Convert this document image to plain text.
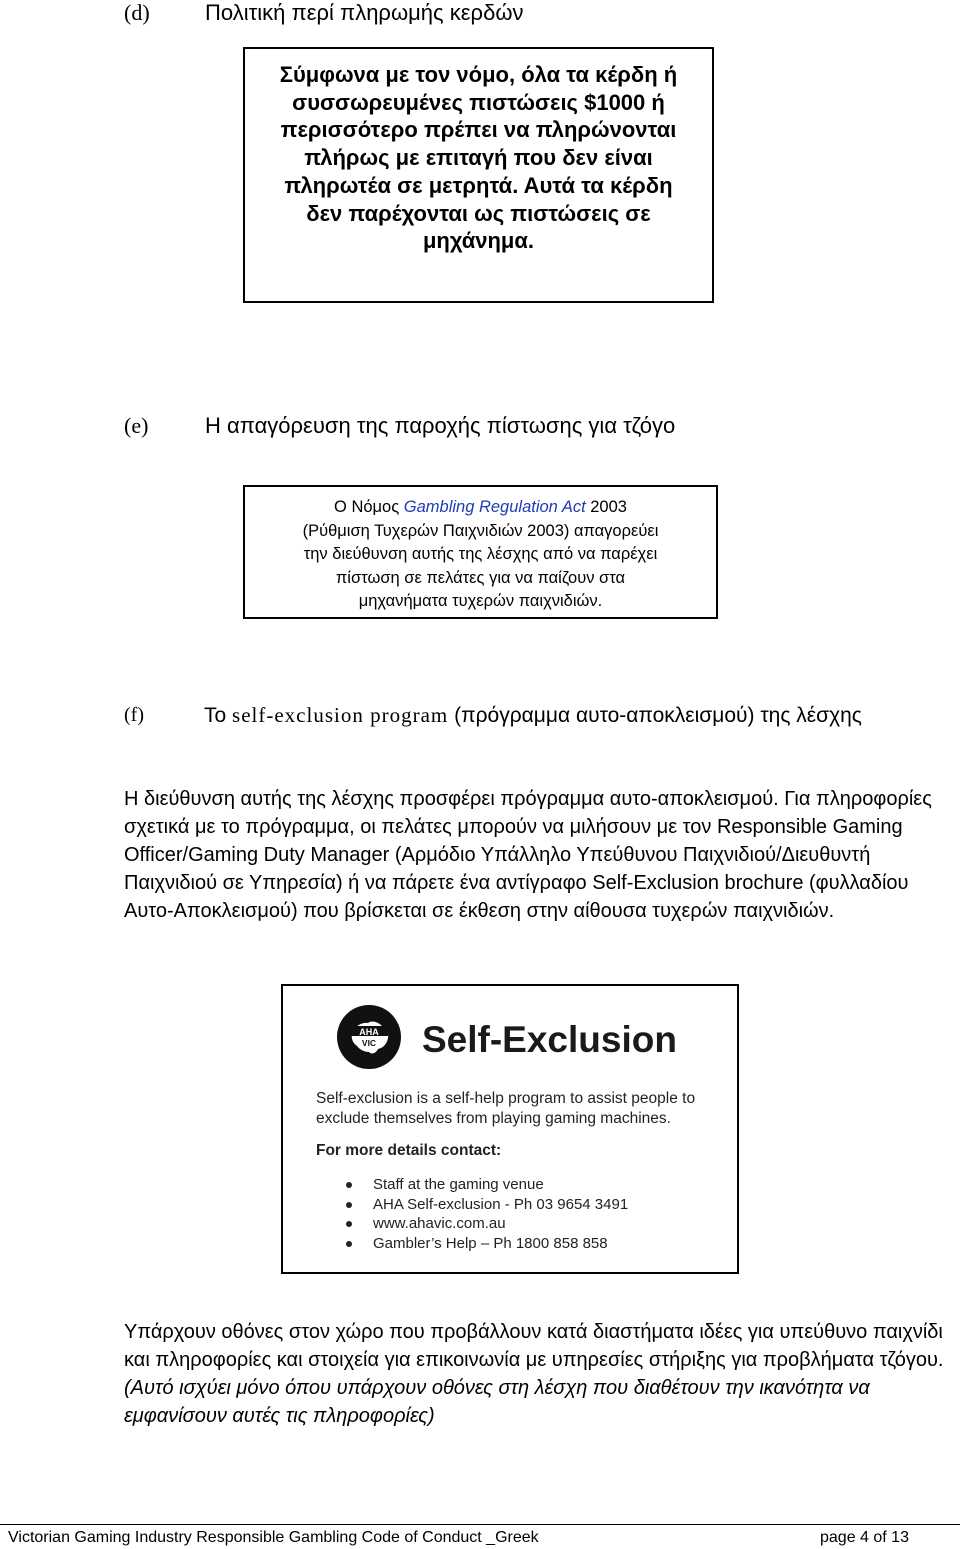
(d)	Πολιτική περί πληρωμής κερδών
Σύμφωνα με τον νόμο, όλα τα κέρδη ή
συσσωρευμένες πιστώσεις $1000 ή
περισσότερο πρέπει να πληρώνονται
πλήρως με επιταγή που δεν είναι
πληρωτέα σε μετρητά. Αυτά τα κέρδη
δεν παρέχονται ως πιστώσεις σε
μηχάνημα.
(e)	Η απαγόρευση της παροχής πίστωσης για τζόγο
Ο Νόμος Gambling Regulation Act 2003
(Ρύθμιση Τυχερών Παιχνιδιών 2003) απαγορεύει
την διεύθυνση αυτής της λέσχης από να παρέχει
πίστωση σε πελάτες για να παίζουν στα
μηχανήματα τυχερών παιχνιδιών.
(f)	Το self-exclusion program (πρόγραμμα αυτο-αποκλεισμού) της λέσχης
Η διεύθυνση αυτής της λέσχης προσφέρει πρόγραμμα αυτο-αποκλεισμού. Για πληροφορίες σχετικά με το πρόγραμμα, οι πελάτες μπορούν να μιλήσουν με τον Responsible Gaming Officer/Gaming Duty Manager (Αρμόδιο Υπάλληλο Υπεύθυνου Παιχνιδιού/Διευθυντή Παιχνιδιού σε Υπηρεσία) ή να πάρετε ένα αντίγραφο Self-Exclusion brochure (φυλλαδίου Αυτο-Αποκλεισμού) που βρίσκεται σε έκθεση στην αίθουσα τυχερών παιχνιδιών.
AHA
VIC Self-Exclusion
Self-exclusion is a self-help program to assist people to exclude themselves from playing gaming machines.
For more details contact:
Staff at the gaming venue
AHA Self-exclusion - Ph 03 9654 3491
www.ahavic.com.au
Gambler’s Help – Ph 1800 858 858
Υπάρχουν οθόνες στον χώρο που προβάλλουν κατά διαστήματα ιδέες για υπεύθυνο παιχνίδι και πληροφορίες και στοιχεία για επικοινωνία με υπηρεσίες στήριξης για προβλήματα τζόγου. (Αυτό ισχύει μόνο όπου υπάρχουν οθόνες στη λέσχη που διαθέτουν την ικανότητα να εμφανίσουν αυτές τις πληροφορίες)
Victorian Gaming Industry Responsible Gambling Code of Conduct _Greek	page 4 of 13
